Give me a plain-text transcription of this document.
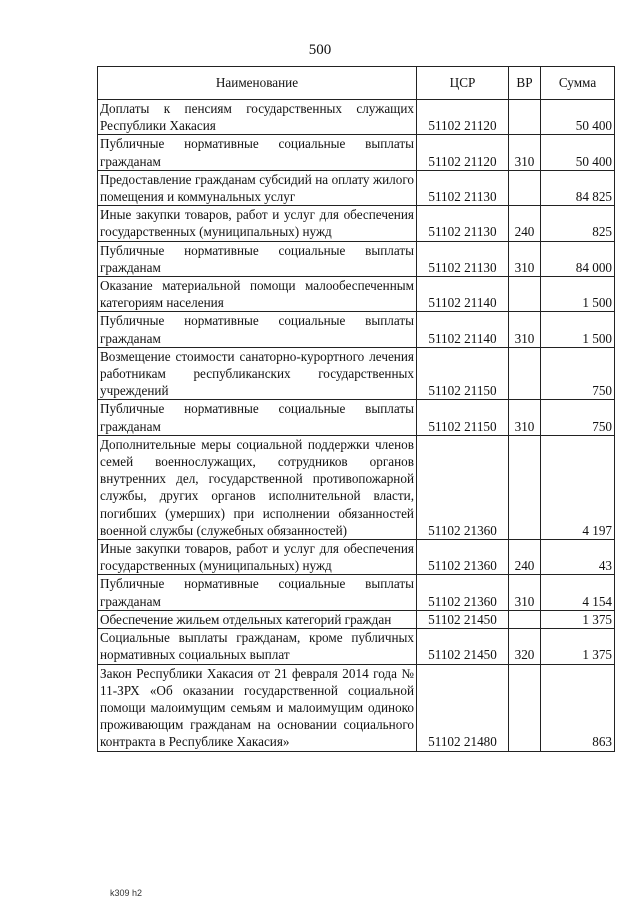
500
Наименование	ЦСР	ВР	Сумма
Доплаты к пенсиям государственных служащих Республики Хакасия	51102 21120		50 400
Публичные нормативные социальные выплаты гражданам	51102 21120	310	50 400
Предоставление гражданам субсидий на оплату жилого помещения и коммунальных услуг	51102 21130		84 825
Иные закупки товаров, работ и услуг для обеспечения государственных (муниципальных) нужд	51102 21130	240	825
Публичные нормативные социальные выплаты гражданам	51102 21130	310	84 000
Оказание материальной помощи малообеспеченным категориям населения	51102 21140		1 500
Публичные нормативные социальные выплаты гражданам	51102 21140	310	1 500
Возмещение стоимости санаторно-курортного лечения работникам республиканских государственных учреждений	51102 21150		750
Публичные нормативные социальные выплаты гражданам	51102 21150	310	750
Дополнительные меры социальной поддержки членов семей военнослужащих, сотрудников органов внутренних дел, государственной противопожарной службы, других органов исполнительной власти, погибших (умерших) при исполнении обязанностей военной службы (служебных обязанностей)	51102 21360		4 197
Иные закупки товаров, работ и услуг для обеспечения государственных (муниципальных) нужд	51102 21360	240	43
Публичные нормативные социальные выплаты гражданам	51102 21360	310	4 154
Обеспечение жильем отдельных категорий граждан	51102 21450		1 375
Социальные выплаты гражданам, кроме публичных нормативных социальных выплат	51102 21450	320	1 375
Закон Республики Хакасия от 21 февраля 2014 года № 11-ЗРХ «Об оказании государственной социальной помощи малоимущим семьям и малоимущим одиноко проживающим гражданам на основании социального контракта в Республике Хакасия»	51102 21480		863
k309 h2
